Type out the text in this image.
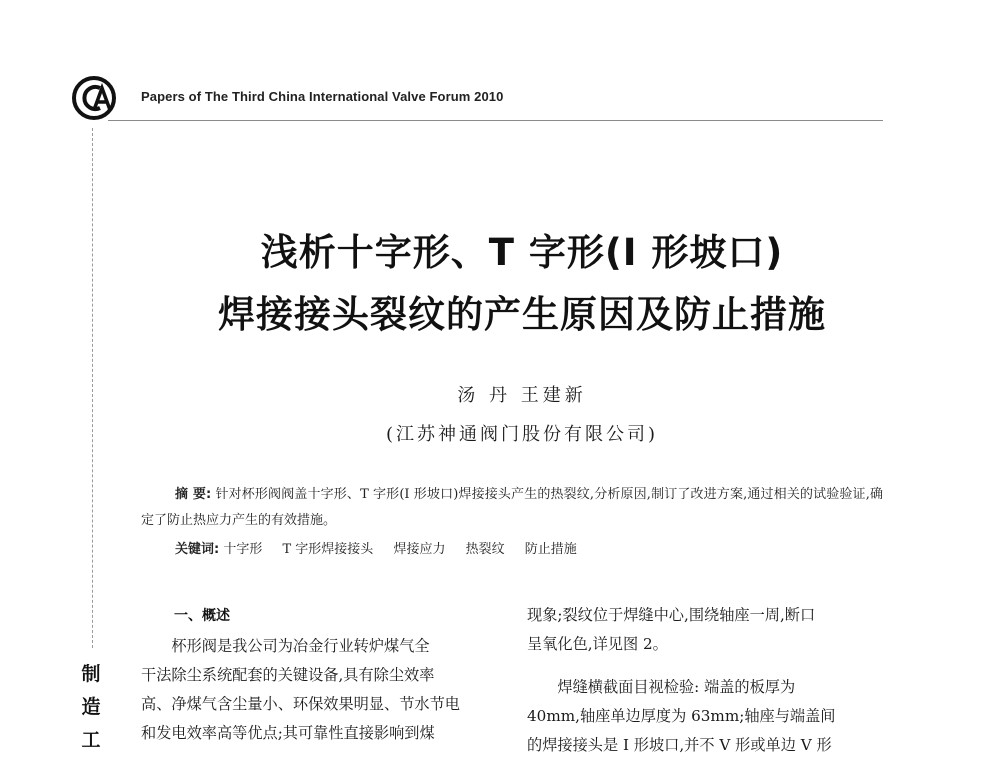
Papers of The Third China International Valve Forum 2010
制
造
工
浅析十字形、T 字形(I 形坡口)
焊接接头裂纹的产生原因及防止措施
汤 丹 王建新
(江苏神通阀门股份有限公司)
摘 要: 针对杯形阀阀盖十字形、T 字形(I 形坡口)焊接接头产生的热裂纹,分析原因,制订了改进方案,通过相关的试验验证,确定了防止热应力产生的有效措施。
关键词: 十字形 T 字形焊接接头 焊接应力 热裂纹 防止措施
一、概述

杯形阀是我公司为冶金行业转炉煤气全

干法除尘系统配套的关键设备,具有除尘效率

高、净煤气含尘量小、环保效果明显、节水节电

和发电效率高等优点;其可靠性直接影响到煤

现象;裂纹位于焊缝中心,围绕轴座一周,断口

呈氧化色,详见图 2。

焊缝横截面目视检验: 端盖的板厚为

40mm,轴座单边厚度为 63mm;轴座与端盖间

的焊接接头是 I 形坡口,并不 V 形或单边 V 形
